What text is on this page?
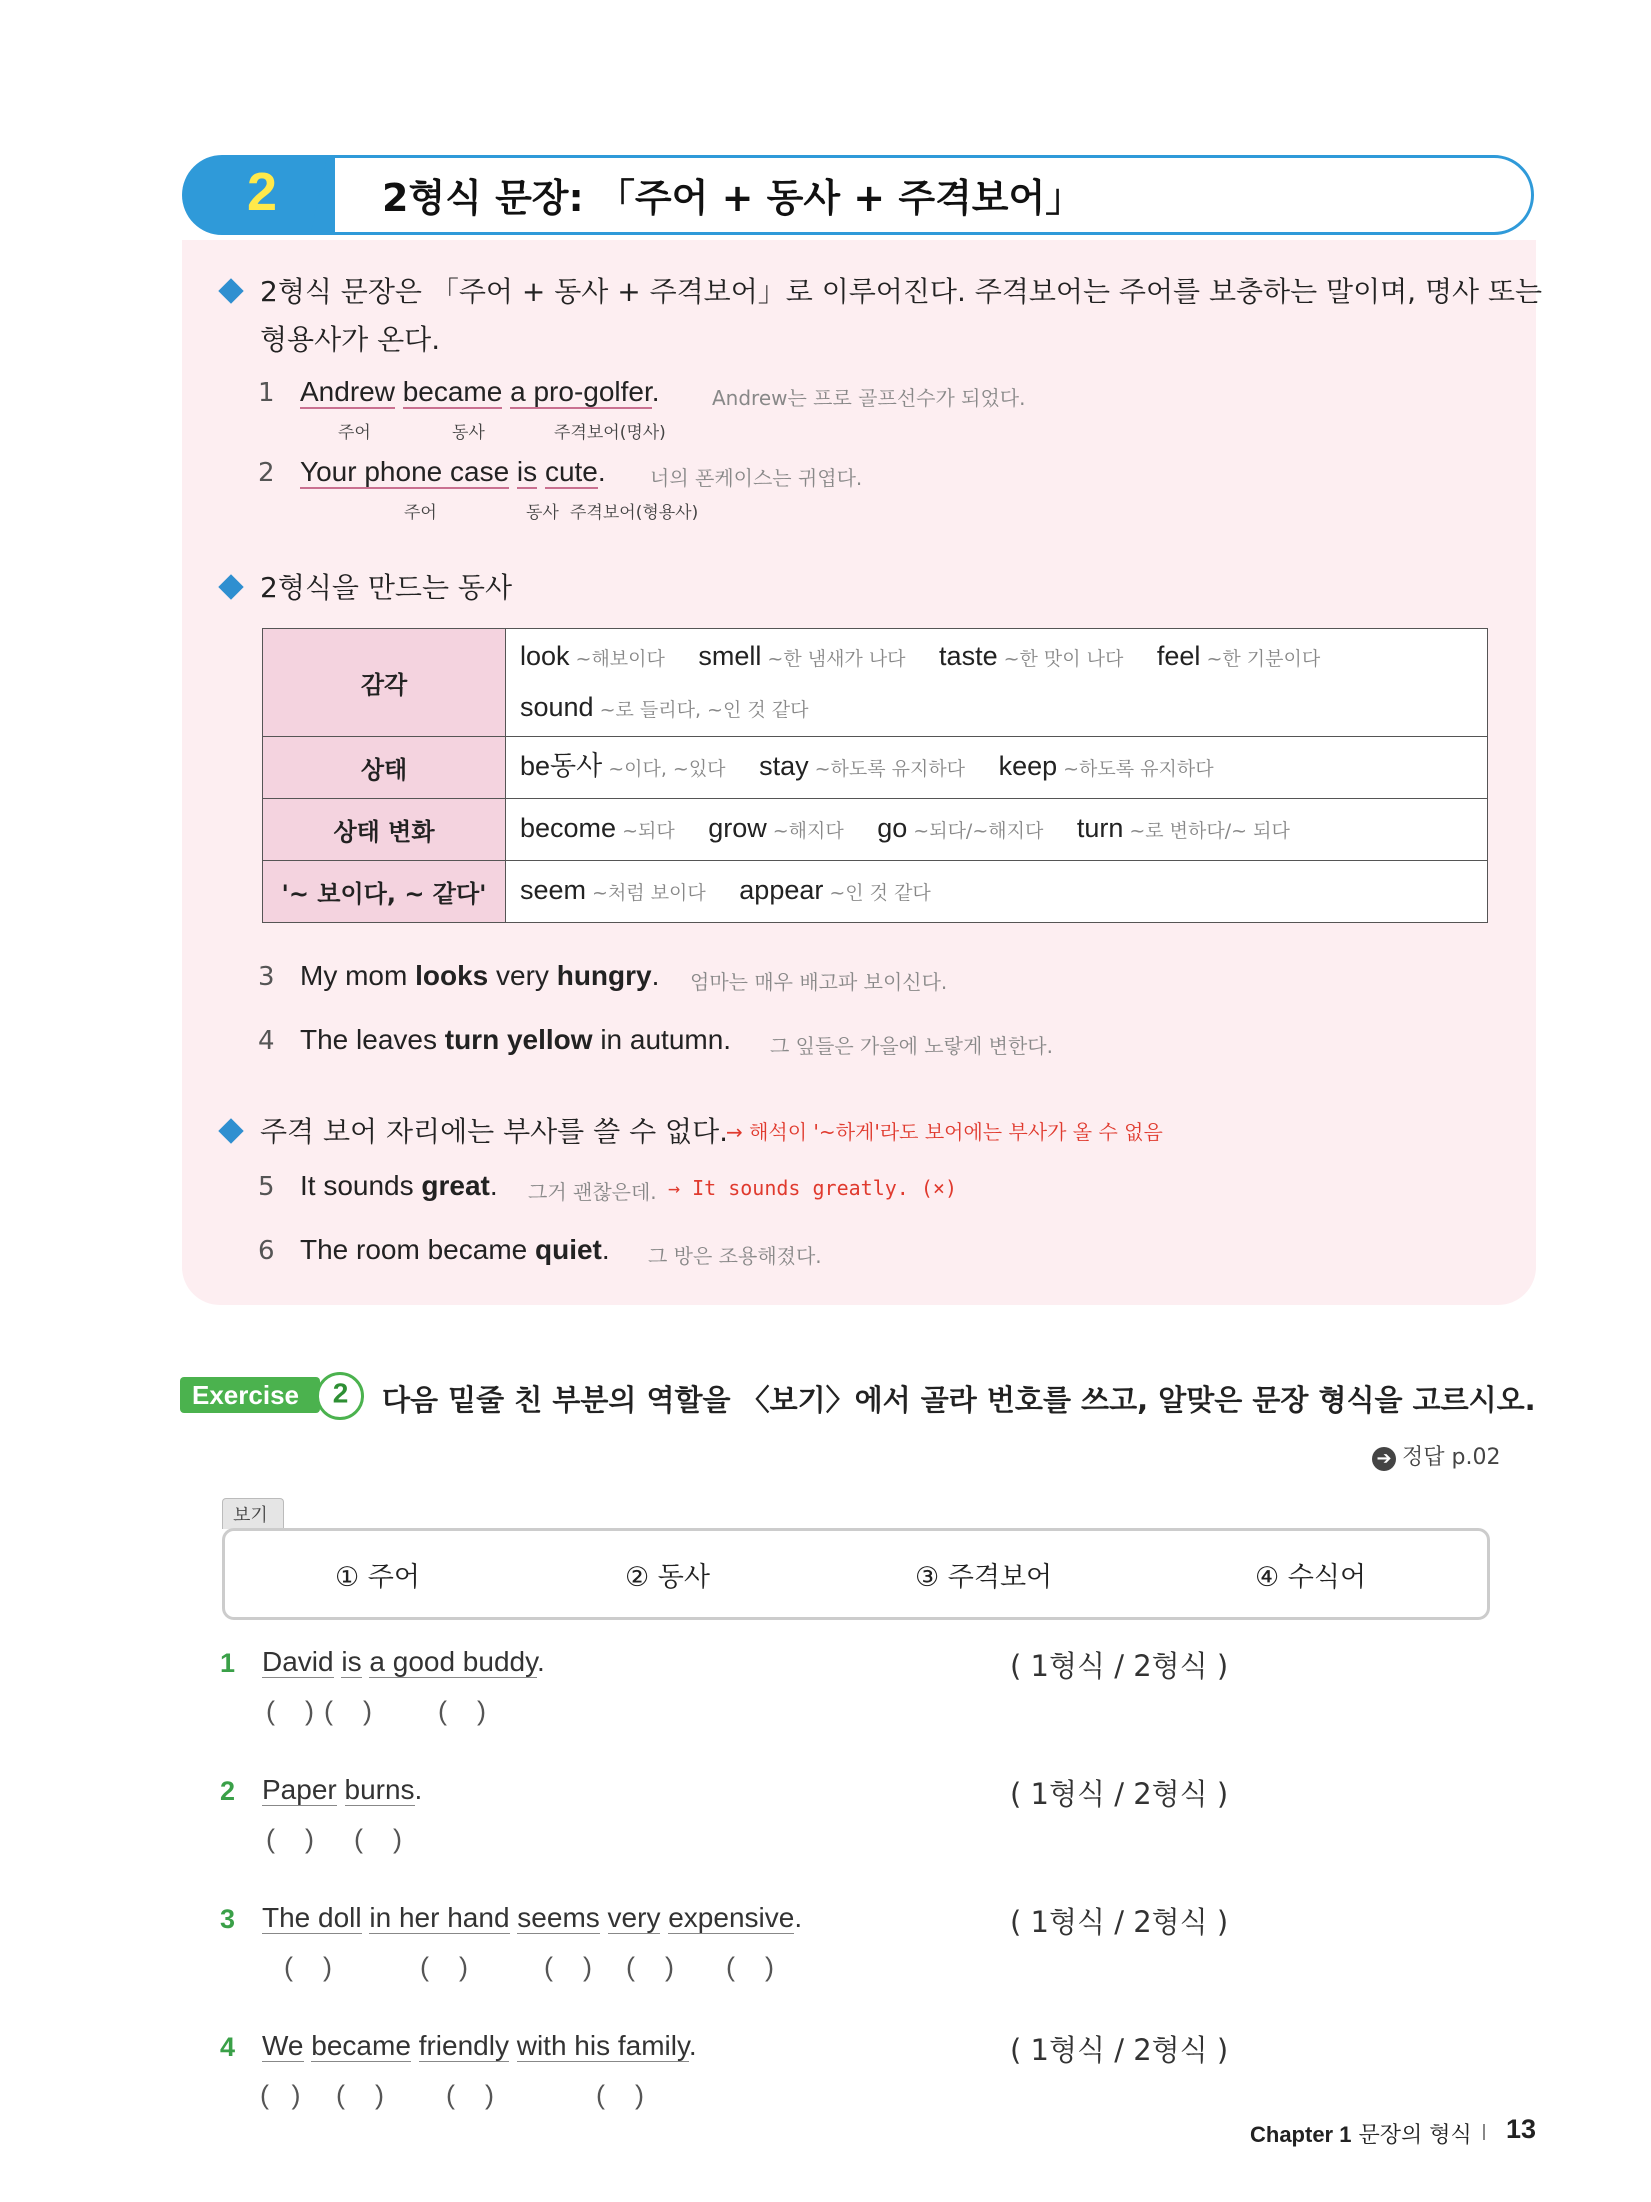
2	2형식 문장: 「주어 + 동사 + 주격보어」
2형식 문장은 「주어 + 동사 + 주격보어」로 이루어진다. 주격보어는 주어를 보충하는 말이며, 명사 또는
형용사가 온다.
1 Andrew became a pro-golfer.	Andrew는 프로 골프선수가 되었다.
주어	동사	주격보어(명사)
2 Your phone case is cute. 너의 폰케이스는 귀엽다.
주어	동사 주격보어(형용사)
2형식을 만드는 동사
감각	look ~해보이다 smell ~한 냄새가 나다 taste ~한 맛이 나다 feel ~한 기분이다
sound ~로 들리다, ~인 것 같다

상태	be동사 ~이다, ~있다 stay ~하도록 유지하다 keep ~하도록 유지하다
상태 변화	become ~되다 grow ~해지다 go ~되다/~해지다 turn ~로 변하다/~ 되다
'~ 보이다, ~ 같다'	seem ~처럼 보이다 appear ~인 것 같다
3 My mom looks very hungry. 엄마는 매우 배고파 보이신다.
4 The leaves turn yellow in autumn. 그 잎들은 가을에 노랗게 변한다.
주격 보어 자리에는 부사를 쓸 수 없다.
→ 해석이 '~하게'라도 보어에는 부사가 올 수 없음
5 It sounds great. 그거 괜찮은데. → It sounds greatly. (×)
6 The room became quiet. 그 방은 조용해졌다.
Exercise 2 다음 밑줄 친 부분의 역할을 〈보기〉에서 골라 번호를 쓰고, 알맞은 문장 형식을 고르시오.
➔ 정답 p.02
보기
① 주어	② 동사	③ 주격보어	④ 수식어
1 David is a good buddy.
(    ) (    ) (    )
( 1형식 / 2형식 )
2 Paper burns.
(    ) (    )
( 1형식 / 2형식 )
3 The doll in her hand seems very expensive.
(    )	(    )	(    ) (    ) (    )
( 1형식 / 2형식 )
4 We became friendly with his family.
(   ) (    ) (    )	(    )
( 1형식 / 2형식 )
Chapter 1 문장의 형식 13
